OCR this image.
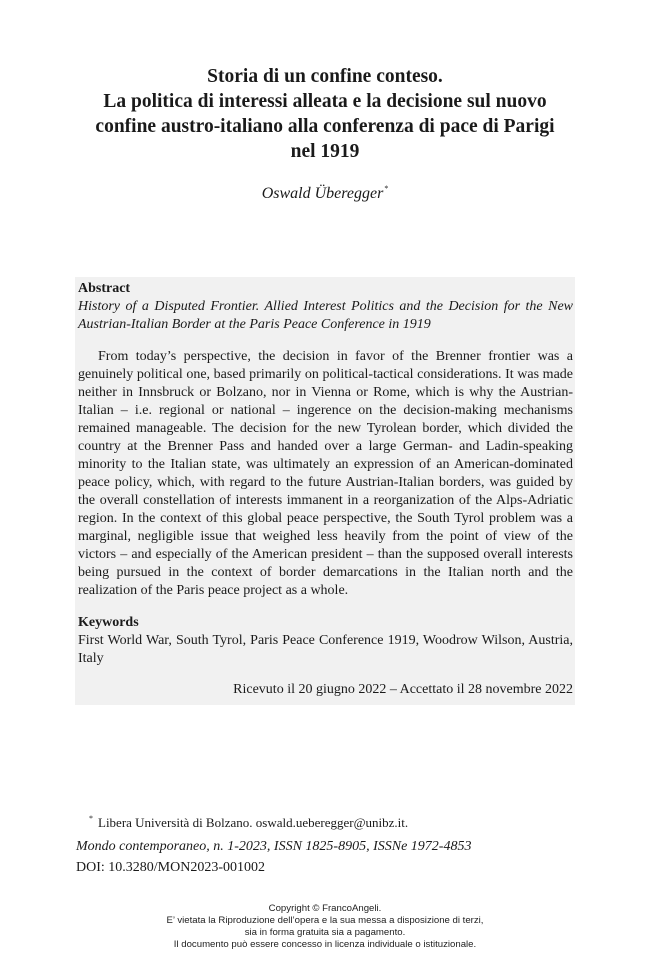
Storia di un confine conteso.
La politica di interessi alleata e la decisione sul nuovo
confine austro-italiano alla conferenza di pace di Parigi
nel 1919
Oswald Überegger*
Abstract
History of a Disputed Frontier. Allied Interest Politics and the Decision for the New Austrian-Italian Border at the Paris Peace Conference in 1919
From today’s perspective, the decision in favor of the Brenner frontier was a genuinely political one, based primarily on political-tactical considerations. It was made neither in Innsbruck or Bolzano, nor in Vienna or Rome, which is why the Austrian-Italian – i.e. regional or national – ingerence on the decision-making mechanisms remained manageable. The decision for the new Tyrolean border, which divided the country at the Brenner Pass and handed over a large German- and Ladin-speaking minority to the Italian state, was ultimately an expression of an American-dominated peace policy, which, with regard to the future Austrian-Italian borders, was guided by the overall constellation of interests immanent in a reorganization of the Alps-Adriatic region. In the context of this global peace perspective, the South Tyrol problem was a marginal, negligible issue that weighed less heavily from the point of view of the victors – and especially of the American president – than the supposed overall interests being pursued in the context of border demarcations in the Italian north and the realization of the Paris peace project as a whole.
Keywords
First World War, South Tyrol, Paris Peace Conference 1919, Woodrow Wilson, Austria, Italy
Ricevuto il 20 giugno 2022 – Accettato il 28 novembre 2022
* Libera Università di Bolzano. oswald.ueberegger@unibz.it.
Mondo contemporaneo, n. 1-2023, ISSN 1825-8905, ISSNe 1972-4853
DOI: 10.3280/MON2023-001002
Copyright © FrancoAngeli.
E’ vietata la Riproduzione dell’opera e la sua messa a disposizione di terzi,
sia in forma gratuita sia a pagamento.
Il documento può essere concesso in licenza individuale o istituzionale.
